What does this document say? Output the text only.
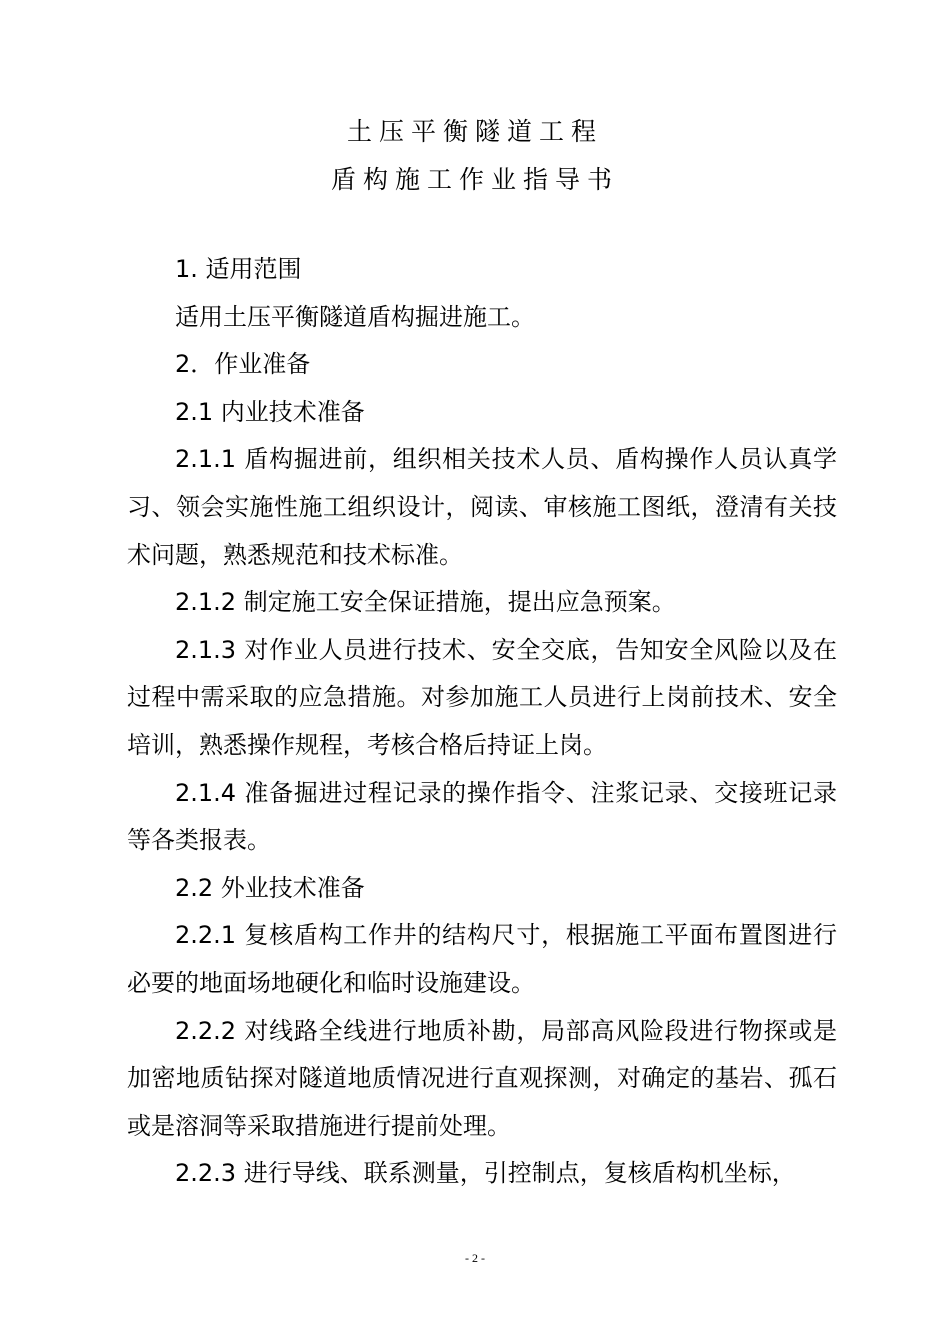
土压平衡隧道工程
盾构施工作业指导书

1. 适用范围

适用土压平衡隧道盾构掘进施工。

2．作业准备

2.1 内业技术准备

2.1.1 盾构掘进前，组织相关技术人员、盾构操作人员认真学习、领会实施性施工组织设计，阅读、审核施工图纸，澄清有关技术问题，熟悉规范和技术标准。

2.1.2 制定施工安全保证措施，提出应急预案。

2.1.3 对作业人员进行技术、安全交底，告知安全风险以及在过程中需采取的应急措施。对参加施工人员进行上岗前技术、安全培训，熟悉操作规程，考核合格后持证上岗。

2.1.4 准备掘进过程记录的操作指令、注浆记录、交接班记录等各类报表。

2.2 外业技术准备

2.2.1 复核盾构工作井的结构尺寸，根据施工平面布置图进行必要的地面场地硬化和临时设施建设。

2.2.2 对线路全线进行地质补勘，局部高风险段进行物探或是加密地质钻探对隧道地质情况进行直观探测，对确定的基岩、孤石或是溶洞等采取措施进行提前处理。

2.2.3 进行导线、联系测量，引控制点，复核盾构机坐标，

- 2 -
